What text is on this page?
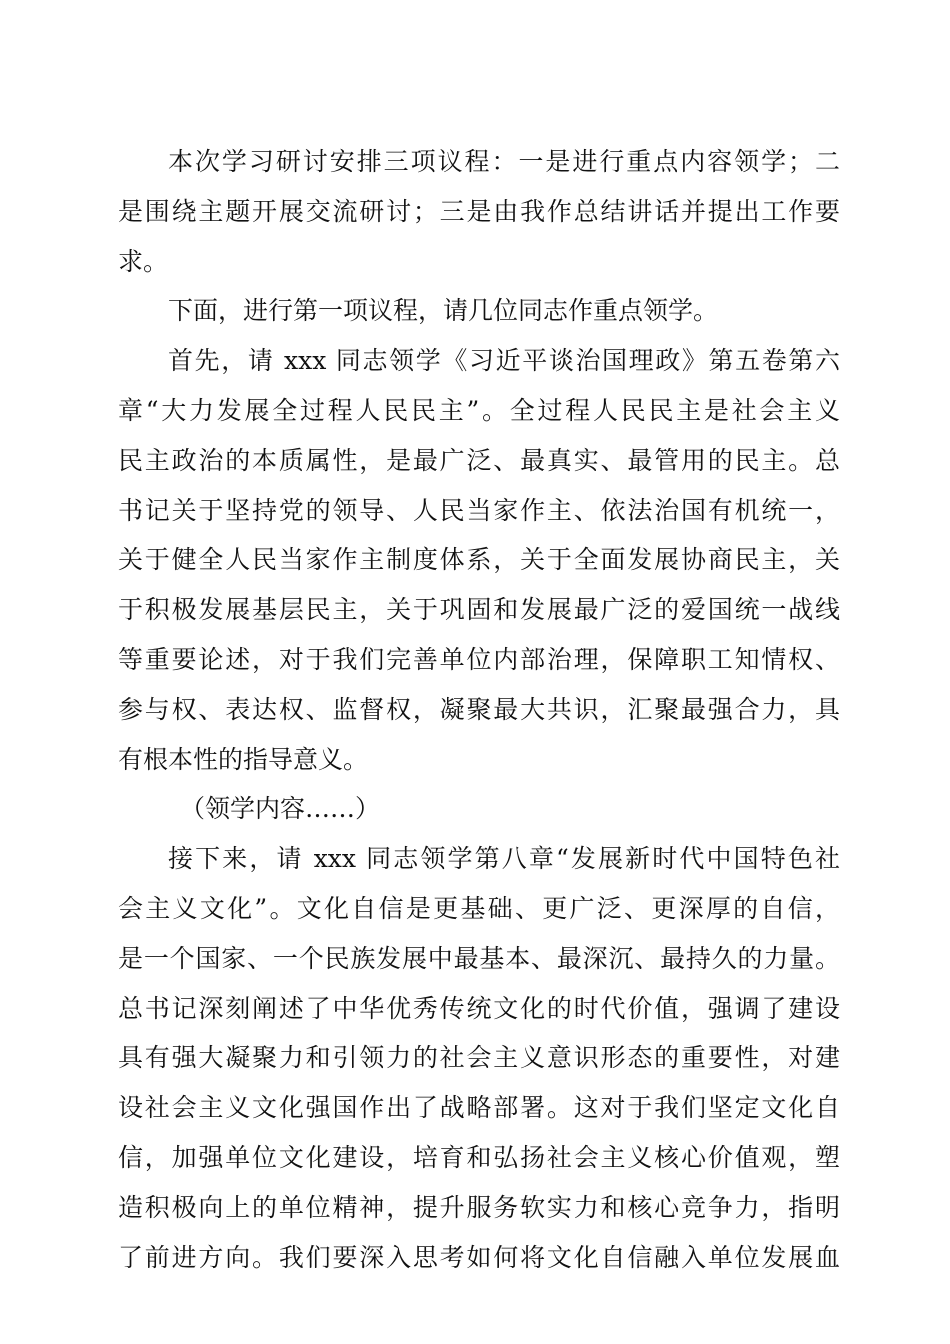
本次学习研讨安排三项议程：一是进行重点内容领学；二
是围绕主题开展交流研讨；三是由我作总结讲话并提出工作要
求。
下面，进行第一项议程，请几位同志作重点领学。
首先，请 xxx 同志领学《习近平谈治国理政》第五卷第六
章“大力发展全过程人民民主”。全过程人民民主是社会主义
民主政治的本质属性，是最广泛、最真实、最管用的民主。总
书记关于坚持党的领导、人民当家作主、依法治国有机统一，
关于健全人民当家作主制度体系，关于全面发展协商民主，关
于积极发展基层民主，关于巩固和发展最广泛的爱国统一战线
等重要论述，对于我们完善单位内部治理，保障职工知情权、
参与权、表达权、监督权，凝聚最大共识，汇聚最强合力，具
有根本性的指导意义。
（领学内容……）
接下来，请 xxx 同志领学第八章“发展新时代中国特色社
会主义文化”。文化自信是更基础、更广泛、更深厚的自信，
是一个国家、一个民族发展中最基本、最深沉、最持久的力量。
总书记深刻阐述了中华优秀传统文化的时代价值，强调了建设
具有强大凝聚力和引领力的社会主义意识形态的重要性，对建
设社会主义文化强国作出了战略部署。这对于我们坚定文化自
信，加强单位文化建设，培育和弘扬社会主义核心价值观，塑
造积极向上的单位精神，提升服务软实力和核心竞争力，指明
了前进方向。我们要深入思考如何将文化自信融入单位发展血
